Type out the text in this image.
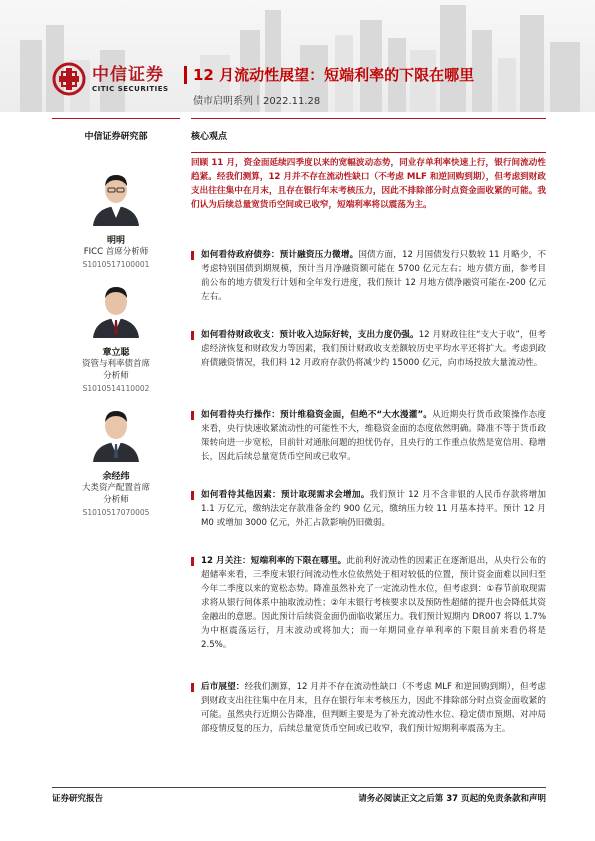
中信证券
CITIC SECURITIES
12 月流动性展望：短端利率的下限在哪里
债市启明系列丨2022.11.28
中信证券研究部
明明
FICC 首席分析师
S1010517100001
章立聪
资管与利率债首席
分析师
S1010514110002
余经纬
大类资产配置首席
分析师
S1010517070005
核心观点
回顾 11 月，资金面延续四季度以来的宽幅波动态势，同业存单利率快速上行，银行间流动性趋紧。经我们测算，12 月并不存在流动性缺口（不考虑 MLF 和逆回购到期），但考虑到财政支出往往集中在月末，且存在银行年末考核压力，因此不排除部分时点资金面收紧的可能。我们认为后续总量宽货币空间或已收窄，短端利率将以震荡为主。
如何看待政府债券：预计融资压力微增。国债方面，12 月国债发行只数较 11 月略少，不考虑特别国债到期规模，预计当月净融资额可能在 5700 亿元左右；地方债方面，参考目前公布的地方债发行计划和全年发行进度，我们预计 12 月地方债净融资可能在-200 亿元左右。
如何看待财政收支：预计收入边际好转，支出力度仍强。12 月财政往往“支大于收”，但考虑经济恢复和财政发力等因素，我们预计财政收支差额较历史平均水平还将扩大。考虑到政府债融资情况，我们料 12 月政府存款仍将减少约 15000 亿元，向市场投放大量流动性。
如何看待央行操作：预计维稳资金面，但绝不“大水漫灌”。从近期央行货币政策操作态度来看，央行快速收紧流动性的可能性不大，维稳资金面的态度依然明确。降准不等于货币政策转向进一步宽松，目前针对通胀问题的担忧仍存，且央行的工作重点依然是宽信用、稳增长，因此后续总量宽货币空间或已收窄。
如何看待其他因素：预计取现需求会增加。我们预计 12 月不含非银的人民币存款将增加 1.1 万亿元，缴纳法定存款准备金约 900 亿元，缴纳压力较 11 月基本持平。预计 12 月 M0 或增加 3000 亿元，外汇占款影响仍旧微弱。
12 月关注：短端利率的下限在哪里。此前利好流动性的因素正在逐渐退出，从央行公布的超储率来看，三季度末银行间流动性水位依然处于相对较低的位置，预计资金面难以回归至今年二季度以来的宽松态势。降准虽然补充了一定流动性水位，但考虑到：①春节前取现需求将从银行间体系中抽取流动性；②年末银行考核要求以及预防性超储的提升也会降低其资金融出的意愿。因此预计后续资金面仍面临收紧压力。我们预计短期内 DR007 将以 1.7%为中枢震荡运行，月末波动或将加大；而一年期同业存单利率的下限目前来看仍将是 2.5%。
后市展望：经我们测算，12 月并不存在流动性缺口（不考虑 MLF 和逆回购到期），但考虑到财政支出往往集中在月末，且存在银行年末考核压力，因此不排除部分时点资金面收紧的可能。虽然央行近期公告降准，但判断主要是为了补充流动性水位、稳定债市预期、对冲局部疫情反复的压力，后续总量宽货币空间或已收窄，我们预计短期利率震荡为主。
证券研究报告	请务必阅读正文之后第 37 页起的免责条款和声明
